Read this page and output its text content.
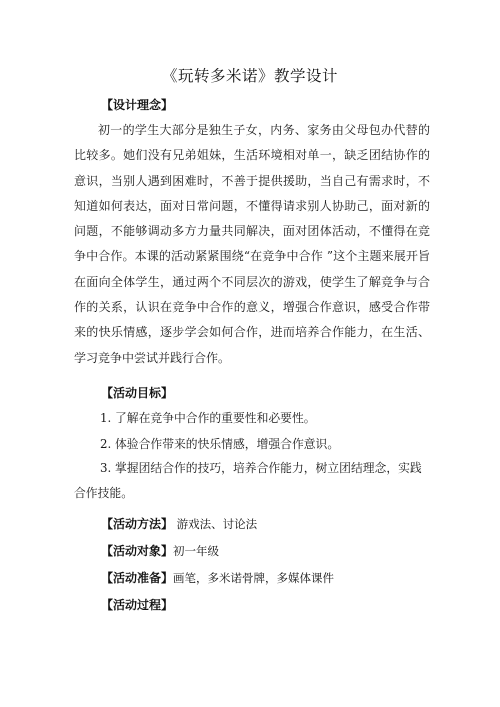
《玩转多米诺》教学设计
【设计理念】
初一的学生大部分是独生子女，内务、家务由父母包办代替的比较多。她们没有兄弟姐妹，生活环境相对单一，缺乏团结协作的意识，当别人遇到困难时，不善于提供援助，当自己有需求时，不知道如何表达，面对日常问题，不懂得请求别人协助己，面对新的问题，不能够调动多方力量共同解决，面对团体活动，不懂得在竞争中合作。本课的活动紧紧围绕“在竞争中合作 ”这个主题来展开旨在面向全体学生，通过两个不同层次的游戏，使学生了解竞争与合作的关系，认识在竞争中合作的意义，增强合作意识，感受合作带来的快乐情感，逐步学会如何合作，进而培养合作能力，在生活、学习竞争中尝试并践行合作。
【活动目标】
1. 了解在竞争中合作的重要性和必要性。
2. 体验合作带来的快乐情感，增强合作意识。
3. 掌握团结合作的技巧，培养合作能力，树立团结理念，实践合作技能。
【活动方法】 游戏法、讨论法
【活动对象】初一年级
【活动准备】画笔，多米诺骨牌，多媒体课件
【活动过程】
